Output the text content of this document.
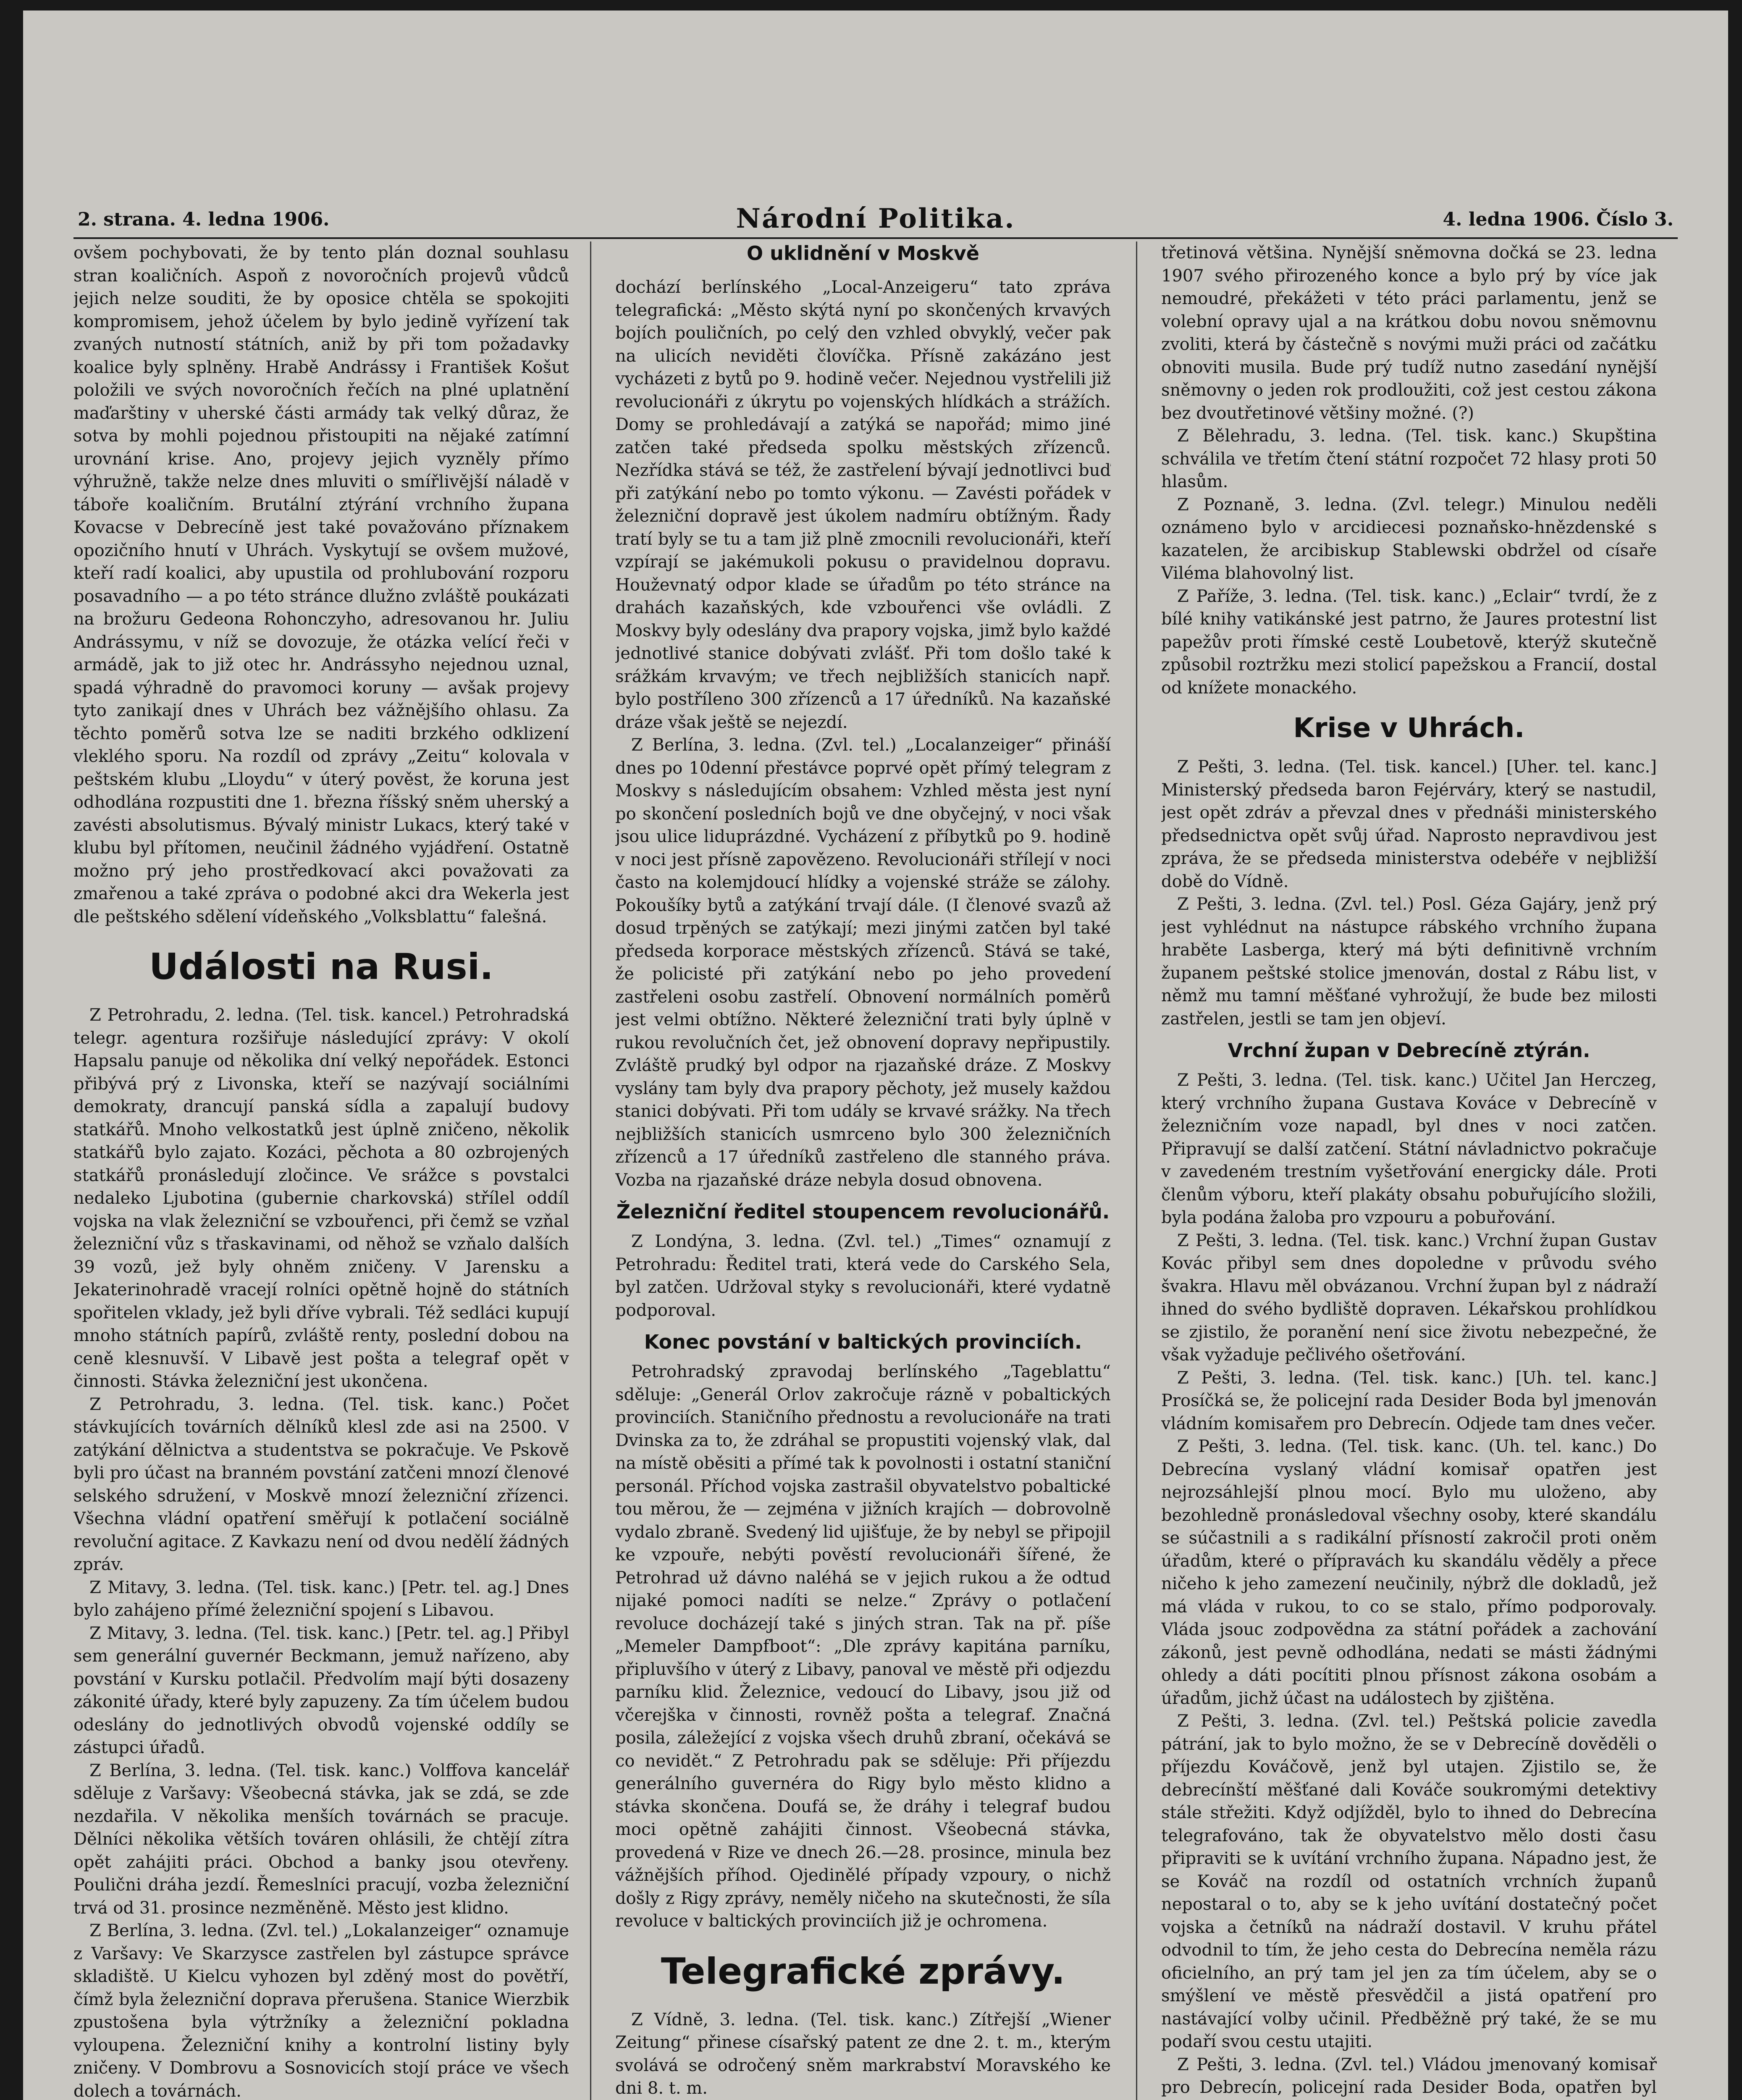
2. strana. 4. ledna 1906.	Národní Politika.	4. ledna 1906. Číslo 3.

ovšem pochybovati, že by tento plán doznal souhlasu stran koaličních. Aspoň z novoročních projevů vůdců jejich nelze souditi, že by oposice chtěla se spokojiti kompromisem, jehož účelem by bylo jedině vyřízení tak zvaných nutností státních, aniž by při tom požadavky koalice byly splněny. Hrabě Andrássy i František Košut položili ve svých novoročních řečích na plné uplatnění maďarštiny v uherské části armády tak velký důraz, že sotva by mohli pojednou přistoupiti na nějaké zatímní urovnání krise. Ano, projevy jejich vyzněly přímo výhružně, takže nelze dnes mluviti o smířlivější náladě v táboře koaličním. Brutální ztýrání vrchního župana Kovacse v Debrecíně jest také považováno příznakem opozičního hnutí v Uhrách. Vyskytují se ovšem mužové, kteří radí koalici, aby upustila od prohlubování rozporu posavadního — a po této stránce dlužno zvláště poukázati na brožuru Gedeona Rohonczyho, adresovanou hr. Juliu Andrássymu, v níž se dovozuje, že otázka velící řeči v armádě, jak to již otec hr. Andrássyho nejednou uznal, spadá výhradně do pravomoci koruny — avšak projevy tyto zanikají dnes v Uhrách bez vážnějšího ohlasu. Za těchto poměrů sotva lze se naditi brzkého odklizení vleklého sporu. Na rozdíl od zprávy „Zeitu“ kolovala v peštském klubu „Lloydu“ v úterý pověst, že koruna jest odhodlána rozpustiti dne 1. března říšský sněm uherský a zavésti absolutismus. Bývalý ministr Lukacs, který také v klubu byl přítomen, neučinil žádného vyjádření. Ostatně možno prý jeho prostředkovací akci považovati za zmařenou a také zpráva o podobné akci dra Wekerla jest dle peštského sdělení vídeňského „Volksblattu“ falešná.

Události na Rusi.

Z Petrohradu, 2. ledna. (Tel. tisk. kancel.) Petrohradská telegr. agentura rozšiřuje následující zprávy: V okolí Hapsalu panuje od několika dní velký nepořádek. Estonci přibývá prý z Livonska, kteří se nazývají sociálními demokraty, drancují panská sídla a zapalují budovy statkářů. Mnoho velkostatků jest úplně zničeno, několik statkářů bylo zajato. Kozáci, pěchota a 80 ozbrojených statkářů pronásledují zločince. Ve srážce s povstalci nedaleko Ljubotina (gubernie charkovská) střílel oddíl vojska na vlak železniční se vzbouřenci, při čemž se vzňal železniční vůz s třaskavinami, od něhož se vzňalo dalších 39 vozů, jež byly ohněm zničeny. V Jarensku a Jekaterinohradě vracejí rolníci opětně hojně do státních spořitelen vklady, jež byli dříve vybrali. Též sedláci kupují mnoho státních papírů, zvláště renty, poslední dobou na ceně klesnuvší. V Libavě jest pošta a telegraf opět v činnosti. Stávka železniční jest ukončena.

Z Petrohradu, 3. ledna. (Tel. tisk. kanc.) Počet stávkujících továrních dělníků klesl zde asi na 2500. V zatýkání dělnictva a studentstva se pokračuje. Ve Pskově byli pro účast na branném povstání zatčeni mnozí členové selského sdružení, v Moskvě mnozí železniční zřízenci. Všechna vládní opatření směřují k potlačení sociálně revoluční agitace. Z Kavkazu není od dvou nedělí žádných zpráv.

Z Mitavy, 3. ledna. (Tel. tisk. kanc.) [Petr. tel. ag.] Dnes bylo zahájeno přímé železniční spojení s Libavou.

Z Mitavy, 3. ledna. (Tel. tisk. kanc.) [Petr. tel. ag.] Přibyl sem generální guvernér Beckmann, jemuž nařízeno, aby povstání v Kursku potlačil. Předvolím mají býti dosazeny zákonité úřady, které byly zapuzeny. Za tím účelem budou odeslány do jednotlivých obvodů vojenské oddíly se zástupci úřadů.

Z Berlína, 3. ledna. (Tel. tisk. kanc.) Volffova kancelář sděluje z Varšavy: Všeobecná stávka, jak se zdá, se zde nezdařila. V několika menších továrnách se pracuje. Dělníci několika větších továren ohlásili, že chtějí zítra opět zahájiti práci. Obchod a banky jsou otevřeny. Poulični dráha jezdí. Řemeslníci pracují, vozba železniční trvá od 31. prosince nezměněně. Město jest klidno.

Z Berlína, 3. ledna. (Zvl. tel.) „Lokalanzeiger“ oznamuje z Varšavy: Ve Skarzysce zastřelen byl zástupce správce skladiště. U Kielcu vyhozen byl zděný most do povětří, čímž byla železniční doprava přerušena. Stanice Wierzbik zpustošena byla výtržníky a železniční pokladna vyloupena. Železniční knihy a kontrolní listiny byly zničeny. V Dombrovu a Sosnovicích stojí práce ve všech dolech a továrnách.

O uklidnění v Moskvě

dochází berlínského „Local-Anzeigeru“ tato zpráva telegrafická: „Město skýtá nyní po skončených krvavých bojích pouličních, po celý den vzhled obvyklý, večer pak na ulicích neviděti človíčka. Přísně zakázáno jest vycházeti z bytů po 9. hodině večer. Nejednou vystřelili již revolucionáři z úkrytu po vojenských hlídkách a strážích. Domy se prohledávají a zatýká se napořád; mimo jiné zatčen také předseda spolku městských zřízenců. Nezřídka stává se též, že zastřelení bývají jednotlivci buď při zatýkání nebo po tomto výkonu. — Zavésti pořádek v železniční dopravě jest úkolem nadmíru obtížným. Řady tratí byly se tu a tam již plně zmocnili revolucionáři, kteří vzpírají se jakémukoli pokusu o pravidelnou dopravu. Houževnatý odpor klade se úřadům po této stránce na drahách kazaňských, kde vzbouřenci vše ovládli. Z Moskvy byly odeslány dva prapory vojska, jimž bylo každé jednotlivé stanice dobývati zvlášť. Při tom došlo také k srážkám krvavým; ve třech nejbližších stanicích např. bylo postříleno 300 zřízenců a 17 úředníků. Na kazaňské dráze však ještě se nejezdí.

Z Berlína, 3. ledna. (Zvl. tel.) „Localanzeiger“ přináší dnes po 10denní přestávce poprvé opět přímý telegram z Moskvy s následujícím obsahem: Vzhled města jest nyní po skončení posledních bojů ve dne obyčejný, v noci však jsou ulice liduprázdné. Vycházení z příbytků po 9. hodině v noci jest přísně zapovězeno. Revolucionáři střílejí v noci často na kolemjdoucí hlídky a vojenské stráže se zálohy. Pokoušíky bytů a zatýkání trvají dále. (I členové svazů až dosud trpěných se zatýkají; mezi jinými zatčen byl také předseda korporace městských zřízenců. Stává se také, že policisté při zatýkání nebo po jeho provedení zastřeleni osobu zastřelí. Obnovení normálních poměrů jest velmi obtížno. Některé železniční trati byly úplně v rukou revolučních čet, jež obnovení dopravy nepřipustily. Zvláště prudký byl odpor na rjazaňské dráze. Z Moskvy vyslány tam byly dva prapory pěchoty, jež musely každou stanici dobývati. Při tom udály se krvavé srážky. Na třech nejbližších stanicích usmrceno bylo 300 železničních zřízenců a 17 úředníků zastřeleno dle stanného práva. Vozba na rjazaňské dráze nebyla dosud obnovena.

Železniční ředitel stoupencem revolucionářů.

Z Londýna, 3. ledna. (Zvl. tel.) „Times“ oznamují z Petrohradu: Ředitel trati, která vede do Carského Sela, byl zatčen. Udržoval styky s revolucionáři, které vydatně podporoval.

Konec povstání v baltických provinciích.

Petrohradský zpravodaj berlínského „Tageblattu“ sděluje: „Generál Orlov zakročuje rázně v pobaltických provinciích. Staničního přednostu a revolucionáře na trati Dvinska za to, že zdráhal se propustiti vojenský vlak, dal na místě oběsiti a přímé tak k povolnosti i ostatní staniční personál. Příchod vojska zastrašil obyvatelstvo pobaltické tou měrou, že — zejména v jižních krajích — dobrovolně vydalo zbraně. Svedený lid ujišťuje, že by nebyl se připojil ke vzpouře, nebýti pověstí revolucionáři šířené, že Petrohrad už dávno naléhá se v jejich rukou a že odtud nijaké pomoci nadíti se nelze.“ Zprávy o potlačení revoluce docházejí také s jiných stran. Tak na př. píše „Memeler Dampfboot“: „Dle zprávy kapitána parníku, připluvšího v úterý z Libavy, panoval ve městě při odjezdu parníku klid. Železnice, vedoucí do Libavy, jsou již od včerejška v činnosti, rovněž pošta a telegraf. Značná posila, záležející z vojska všech druhů zbraní, očekává se co nevidět.“ Z Petrohradu pak se sděluje: Při příjezdu generálního guvernéra do Rigy bylo město klidno a stávka skončena. Doufá se, že dráhy i telegraf budou moci opětně zahájiti činnost. Všeobecná stávka, provedená v Rize ve dnech 26.—28. prosince, minula bez vážnějších příhod. Ojedinělé případy vzpoury, o nichž došly z Rigy zprávy, neměly ničeho na skutečnosti, že síla revoluce v baltických provinciích již je ochromena.

Telegrafické zprávy.

Z Vídně, 3. ledna. (Tel. tisk. kanc.) Zítřejší „Wiener Zeitung“ přinese císařský patent ze dne 2. t. m., kterým svolává se odročený sněm markrabství Moravského ke dni 8. t. m.

třetinová většina. Nynější sněmovna dočká se 23. ledna 1907 svého přirozeného konce a bylo prý by více jak nemoudré, překážeti v této práci parlamentu, jenž se volební opravy ujal a na krátkou dobu novou sněmovnu zvoliti, která by částečně s novými muži práci od začátku obnoviti musila. Bude prý tudíž nutno zasedání nynější sněmovny o jeden rok prodloužiti, což jest cestou zákona bez dvoutřetinové většiny možné. (?)

Z Bělehradu, 3. ledna. (Tel. tisk. kanc.) Skupština schválila ve třetím čtení státní rozpočet 72 hlasy proti 50 hlasům.

Z Poznaně, 3. ledna. (Zvl. telegr.) Minulou neděli oznámeno bylo v arcidiecesi poznaňsko-hnězdenské s kazatelen, že arcibiskup Stablewski obdržel od císaře Viléma blahovolný list.

Z Paříže, 3. ledna. (Tel. tisk. kanc.) „Eclair“ tvrdí, že z bílé knihy vatikánské jest patrno, že Jaures protestní list papežův proti římské cestě Loubetově, kterýž skutečně způsobil roztržku mezi stolicí papežskou a Francií, dostal od knížete monackého.

Krise v Uhrách.

Z Pešti, 3. ledna. (Tel. tisk. kancel.) [Uher. tel. kanc.] Ministerský předseda baron Fejérváry, který se nastudil, jest opět zdráv a převzal dnes v přednáši ministerského předsednictva opět svůj úřad. Naprosto nepravdivou jest zpráva, že se předseda ministerstva odebéře v nejbližší době do Vídně.

Z Pešti, 3. ledna. (Zvl. tel.) Posl. Géza Gajáry, jenž prý jest vyhlédnut na nástupce rábského vrchního župana hraběte Lasberga, který má býti definitivně vrchním županem peštské stolice jmenován, dostal z Rábu list, v němž mu tamní měšťané vyhrožují, že bude bez milosti zastřelen, jestli se tam jen objeví.

Vrchní župan v Debrecíně ztýrán.

Z Pešti, 3. ledna. (Tel. tisk. kanc.) Učitel Jan Herczeg, který vrchního župana Gustava Kováce v Debrecíně v železničním voze napadl, byl dnes v noci zatčen. Připravují se další zatčení. Státní návladnictvo pokračuje v zavedeném trestním vyšetřování energicky dále. Proti členům výboru, kteří plakáty obsahu pobuřujícího složili, byla podána žaloba pro vzpouru a pobuřování.

Z Pešti, 3. ledna. (Tel. tisk. kanc.) Vrchní župan Gustav Kovác přibyl sem dnes dopoledne v průvodu svého švakra. Hlavu měl obvázanou. Vrchní župan byl z nádraží ihned do svého bydliště dopraven. Lékařskou prohlídkou se zjistilo, že poranění není sice životu nebezpečné, že však vyžaduje pečlivého ošetřování.

Z Pešti, 3. ledna. (Tel. tisk. kanc.) [Uh. tel. kanc.] Prosíčká se, že policejní rada Desider Boda byl jmenován vládním komisařem pro Debrecín. Odjede tam dnes večer.

Z Pešti, 3. ledna. (Tel. tisk. kanc. (Uh. tel. kanc.) Do Debrecína vyslaný vládní komisař opatřen jest nejrozsáhlejší plnou mocí. Bylo mu uloženo, aby bezohledně pronásledoval všechny osoby, které skandálu se súčastnili a s radikální přísností zakročil proti oněm úřadům, které o přípravách ku skandálu věděly a přece ničeho k jeho zamezení neučinily, nýbrž dle dokladů, jež má vláda v rukou, to co se stalo, přímo podporovaly. Vláda jsouc zodpovědna za státní pořádek a zachování zákonů, jest pevně odhodlána, nedati se másti žádnými ohledy a dáti pocítiti plnou přísnost zákona osobám a úřadům, jichž účast na událostech by zjištěna.

Z Pešti, 3. ledna. (Zvl. tel.) Peštská policie zavedla pátrání, jak to bylo možno, že se v Debrecíně dověděli o příjezdu Kováčově, jenž byl utajen. Zjistilo se, že debrecínští měšťané dali Kováče soukromými detektivy stále střežiti. Když odjížděl, bylo to ihned do Debrecína telegrafováno, tak že obyvatelstvo mělo dosti času připraviti se k uvítání vrchního župana. Nápadno jest, že se Kováč na rozdíl od ostatních vrchních županů nepostaral o to, aby se k jeho uvítání dostatečný počet vojska a četníků na nádraží dostavil. V kruhu přátel odvodnil to tím, že jeho cesta do Debrecína neměla rázu oficielního, an prý tam jel jen za tím účelem, aby se o smýšlení ve městě přesvědčil a jistá opatření pro nastávající volby učinil. Předběžně prý také, že se mu podaří svou cestu utajiti.

Z Pešti, 3. ledna. (Zvl. tel.) Vládou jmenovaný komisař pro Debrecín, policejní rada Desider Boda, opatřen byl
